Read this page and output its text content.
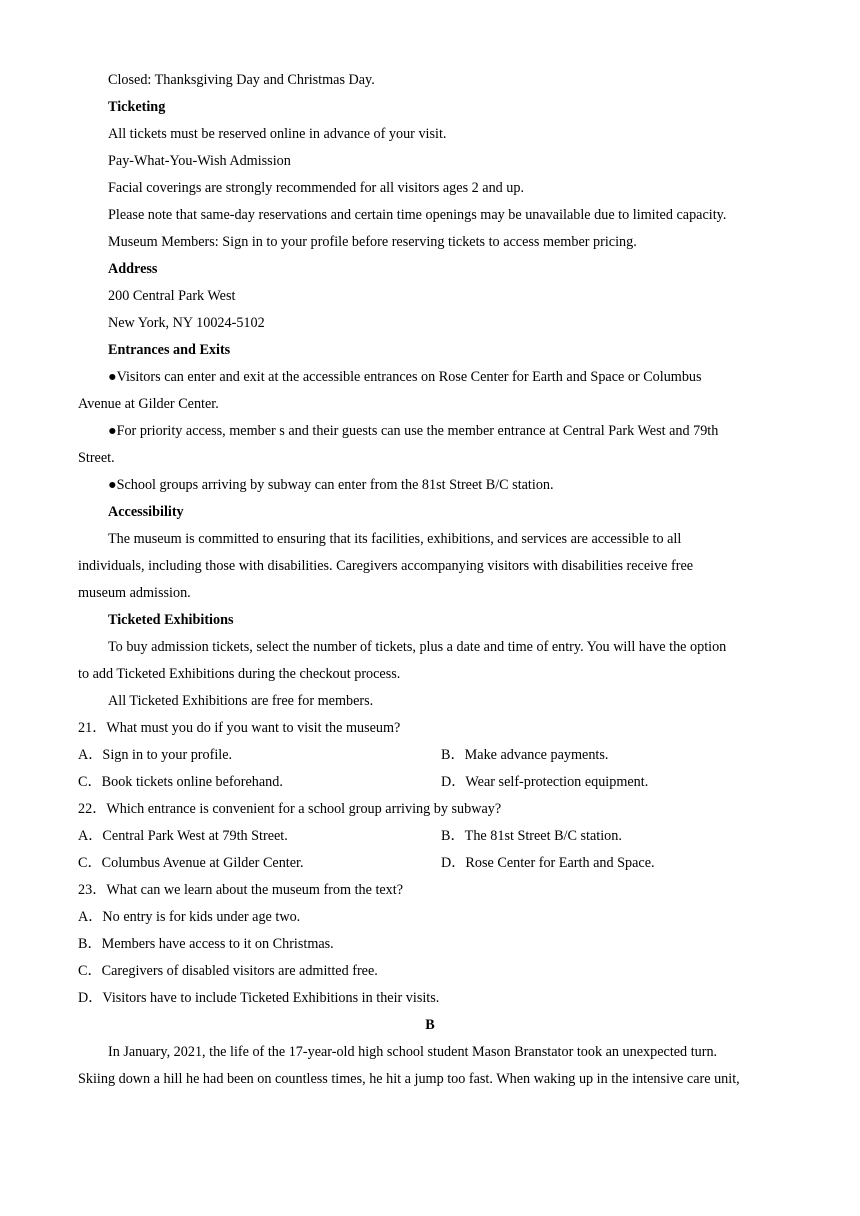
Closed: Thanksgiving Day and Christmas Day.
Ticketing
All tickets must be reserved online in advance of your visit.
Pay-What-You-Wish Admission
Facial coverings are strongly recommended for all visitors ages 2 and up.
Please note that same-day reservations and certain time openings may be unavailable due to limited capacity.
Museum Members: Sign in to your profile before reserving tickets to access member pricing.
Address
200 Central Park West
New York, NY 10024-5102
Entrances and Exits
●Visitors can enter and exit at the accessible entrances on Rose Center for Earth and Space or Columbus
Avenue at Gilder Center.
●For priority access, member s and their guests can use the member entrance at Central Park West and 79th
Street.
●School groups arriving by subway can enter from the 81st Street B/C station.
Accessibility
The museum is committed to ensuring that its facilities, exhibitions, and services are accessible to all
individuals, including those with disabilities. Caregivers accompanying visitors with disabilities receive free
museum admission.
Ticketed Exhibitions
To buy admission tickets, select the number of tickets, plus a date and time of entry. You will have the option
to add Ticketed Exhibitions during the checkout process.
All Ticketed Exhibitions are free for members.
21．What must you do if you want to visit the museum?
A．Sign in to your profile.	B．Make advance payments.
C．Book tickets online beforehand.	D．Wear self-protection equipment.
22．Which entrance is convenient for a school group arriving by subway?
A．Central Park West at 79th Street.	B．The 81st Street B/C station.
C．Columbus Avenue at Gilder Center.	D．Rose Center for Earth and Space.
23．What can we learn about the museum from the text?
A．No entry is for kids under age two.
B．Members have access to it on Christmas.
C．Caregivers of disabled visitors are admitted free.
D．Visitors have to include Ticketed Exhibitions in their visits.
B
In January, 2021, the life of the 17-year-old high school student Mason Branstator took an unexpected turn.
Skiing down a hill he had been on countless times, he hit a jump too fast. When waking up in the intensive care unit,
